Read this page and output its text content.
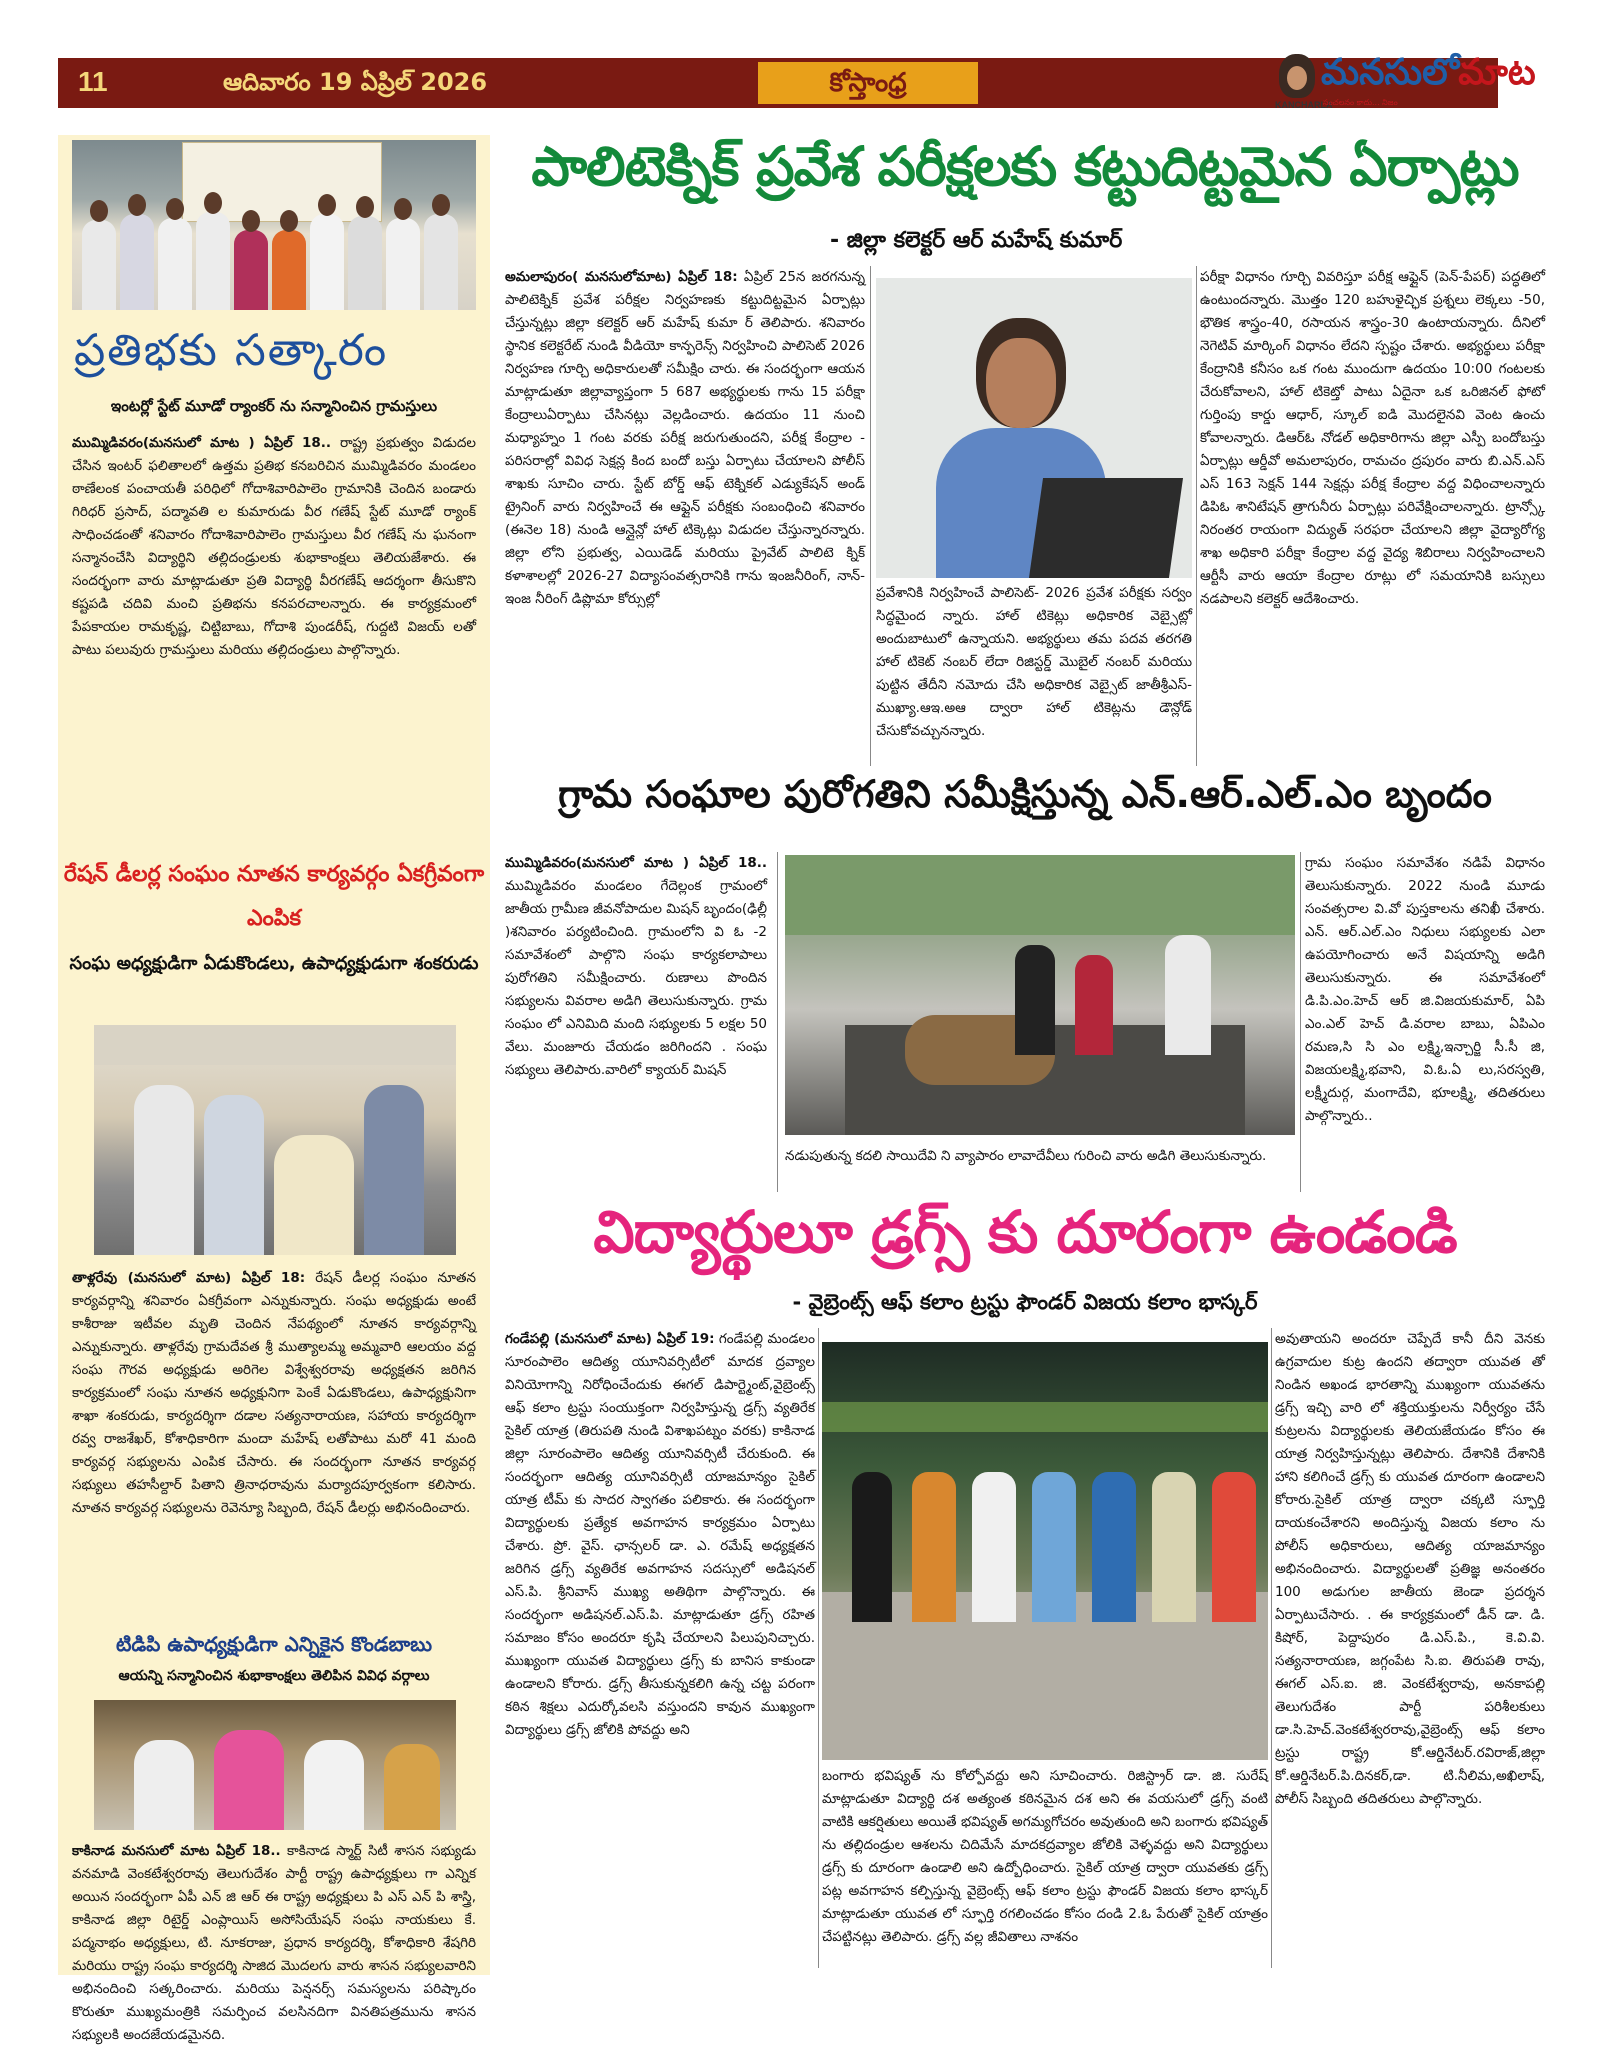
11	ఆదివారం 19 ఏప్రిల్ 2026	కోస్తాంధ్ర
KANCHARLA
మనసులోమాట
సంచలనం కాదు... నిజం
ప్రతిభకు సత్కారం
ఇంటర్లో స్టేట్ మూడో ర్యాంకర్ ను సన్మానించిన గ్రామస్తులు
ముమ్మిడివరం(మనసులో మాట ) ఏప్రిల్ 18.. రాష్ట్ర ప్రభుత్వం విడుదల చేసిన ఇంటర్ ఫలితాలలో ఉత్తమ ప్రతిభ కనబరిచిన ముమ్మిడివరం మండలం ఠాణేలంక పంచాయతీ పరిధిలో గోదాశివారిపాలెం గ్రామానికి చెందిన బండారు గిరిధర్ ప్రసాద్, పద్మావతి ల కుమారుడు వీర గణేష్ స్టేట్ మూడో ర్యాంక్ సాధించడంతో శనివారం గోదాశివారిపాలెం గ్రామస్తులు వీర గణేష్ ను ఘనంగా సన్మానంచేసి విద్యార్థిని తల్లిదండ్రులకు శుభాకాంక్షలు తెలియజేశారు. ఈ సందర్భంగా వారు మాట్లాడుతూ ప్రతి విద్యార్థి వీరగణేష్ ఆదర్శంగా తీసుకొని కష్టపడి చదివి మంచి ప్రతిభను కనపరచాలన్నారు. ఈ కార్యక్రమంలో పేపకాయల రామకృష్ణ, చిట్టిబాబు, గోదాశి పుండరీష్, గుద్దటి విజయ్ లతో పాటు పలువురు గ్రామస్తులు మరియు తల్లిదండ్రులు పాల్గొన్నారు.
రేషన్ డీలర్ల సంఘం నూతన కార్యవర్గం ఏకగ్రీవంగా ఎంపిక
సంఘ అధ్యక్షుడిగా ఏడుకొండలు, ఉపాధ్యక్షుడుగా శంకరుడు
తాళ్లరేవు (మనసులో మాట) ఏప్రిల్ 18: రేషన్ డీలర్ల సంఘం నూతన కార్యవర్గాన్ని శనివారం ఏకగ్రీవంగా ఎన్నుకున్నారు. సంఘ అధ్యక్షుడు అంటే కాశీరాజు ఇటీవల మృతి చెందిన నేపథ్యంలో నూతన కార్యవర్గాన్ని ఎన్నుకున్నారు. తాళ్లరేవు గ్రామదేవత శ్రీ ముత్యాలమ్మ అమ్మవారి ఆలయం వద్ద సంఘ గౌరవ అధ్యక్షుడు అరిగెల విశ్వేశ్వరరావు అధ్యక్షతన జరిగిన కార్యక్రమంలో సంఘ నూతన అధ్యక్షునిగా పెంకే ఏడుకొండలు, ఉపాధ్యక్షునిగా శాఖా శంకరుడు, కార్యదర్శిగా దడాల సత్యనారాయణ, సహాయ కార్యదర్శిగా రవ్వ రాజశేఖర్, కోశాధికారిగా మందా మహేష్ లతోపాటు మరో 41 మంది కార్యవర్గ సభ్యులను ఎంపిక చేసారు. ఈ సందర్భంగా నూతన కార్యవర్గ సభ్యులు తహసీల్దార్ పితాని త్రినాధరావును మర్యాదపూర్వకంగా కలిసారు. నూతన కార్యవర్గ సభ్యులను రెవెన్యూ సిబ్బంది, రేషన్ డీలర్లు అభినందించారు.
టిడిపి ఉపాధ్యక్షుడిగా ఎన్నికైన కొండబాబు
ఆయన్ని సన్మానించిన శుభాకాంక్షలు తెలిపిన వివిధ వర్గాలు
కాకినాడ మనసులో మాట ఏప్రిల్ 18.. కాకినాడ స్మార్ట్ సిటీ శాసన సభ్యుడు వనమాడి వెంకటేశ్వరరావు తెలుగుదేశం పార్టీ రాష్ట్ర ఉపాధ్యక్షులు గా ఎన్నిక అయిన సందర్భంగా ఏపీ ఎన్ జి ఆర్ ఈ రాష్ట్ర అధ్యక్షులు పి ఎస్ ఎన్ పి శాస్త్రి, కాకినాడ జిల్లా రిటైర్డ్ ఎంప్లాయిస్ అసోసియేషన్ సంఘ నాయకులు కే. పద్మనాభం అధ్యక్షులు, టి. నూకరాజు, ప్రధాన కార్యదర్శి, కోశాధికారి శేషగిరి మరియు రాష్ట్ర సంఘ కార్యదర్శి సాజిద మొదలగు వారు శాసన సభ్యులవారిని అభినందించి సత్కరించారు. మరియు పెన్షనర్స్ సమస్యలను పరిష్కారం కొరుతూ ముఖ్యమంత్రికి సమర్పించ వలసినదిగా వినతిపత్రమును శాసన సభ్యులకి అందజేయడమైనది.
పాలిటెక్నిక్ ప్రవేశ పరీక్షలకు కట్టుదిట్టమైన ఏర్పాట్లు
- జిల్లా కలెక్టర్ ఆర్ మహేష్ కుమార్
అమలాపురం( మనసులోమాట) ఏప్రిల్ 18: ఏప్రిల్ 25న జరగనున్న పాలిటెక్నిక్ ప్రవేశ పరీక్షల నిర్వహణకు కట్టుదిట్టమైన ఏర్పాట్లు చేస్తున్నట్లు జిల్లా కలెక్టర్ ఆర్ మహేష్ కుమా ర్ తెలిపారు. శనివారం స్థానిక కలెక్టరేట్ నుండి వీడియో కాన్ఫరెన్స్ నిర్వహించి పాలిసెట్ 2026 నిర్వహణ గూర్చి అధికారులతో సమీక్షిం చారు. ఈ సందర్భంగా ఆయన మాట్లాడుతూ జిల్లావ్యాప్తంగా 5 687 అభ్యర్థులకు గాను 15 పరీక్షా కేంద్రాలుఏర్పాటు చేసినట్లు వెల్లడించారు. ఉదయం 11 నుంచి మధ్యాహ్నం 1 గంట వరకు పరీక్ష జరుగుతుందని, పరీక్ష కేంద్రాల - పరిసరాల్లో వివిధ సెక్షన్ల కింద బందో బస్తు ఏర్పాటు చేయాలని పోలీస్ శాఖకు సూచిం చారు. స్టేట్ బోర్డ్ ఆఫ్ టెక్నికల్ ఎడ్యుకేషన్ అండ్ ట్రైనింగ్ వారు నిర్వహించే ఈ ఆఫ్లైన్ పరీక్షకు సంబంధించి శనివారం (ఈనెల 18) నుండి ఆన్లైన్లో హాల్ టిక్కెట్లు విడుదల చేస్తున్నారన్నారు. జిల్లా లోని ప్రభుత్వ, ఎయిడెడ్ మరియు ప్రైవేట్ పాలిటె క్నిక్ కళాశాలల్లో 2026-27 విద్యాసంవత్సరానికి గాను ఇంజనీరింగ్, నాన్- ఇంజ నీరింగ్ డిప్లొమా కోర్సుల్లో	ప్రవేశానికి నిర్వహించే పాలిసెట్- 2026 ప్రవేశ పరీక్షకు సర్వం సిద్ధమైంద న్నారు. హాల్ టికెట్లు అధికారిక వెబ్సైట్లో అందుబాటులో ఉన్నాయని. అభ్యర్థులు తమ పదవ తరగతి హాల్ టికెట్ నంబర్ లేదా రిజిస్టర్డ్ మొబైల్ నంబర్ మరియు పుట్టిన తేదీని నమోదు చేసి అధికారిక వెబ్సైట్ జాతీశ్రీఎస్- ముఖ్యా.ఆఇ.అఆ ద్వారా హాల్ టికెట్లను డౌన్లోడ్ చేసుకోవచ్చునన్నారు.
పరీక్షా విధానం గూర్చి వివరిస్తూ పరీక్ష ఆఫ్లైన్ (పెన్-పేపర్) పద్ధతిలో ఉంటుందన్నారు. మొత్తం 120 బహుళైచ్ఛిక ప్రశ్నలు లెక్కలు -50, భౌతిక శాస్త్రం-40, రసాయన శాస్త్రం-30 ఉంటాయన్నారు. దీనిలో నెగెటివ్ మార్కింగ్ విధానం లేదని స్పష్టం చేశారు. అభ్యర్థులు పరీక్షా కేంద్రానికి కనీసం ఒక గంట ముందుగా ఉదయం 10:00 గంటలకు చేరుకోవాలని, హాల్ టికెట్తో పాటు ఏదైనా ఒక ఒరిజినల్ ఫోటో గుర్తింపు కార్డు ఆధార్, స్కూల్ ఐడి మొదలైనవి వెంట ఉంచు కోవాలన్నారు. డిఆర్ఓ నోడల్ అధికారిగాను జిల్లా ఎస్పీ బందోబస్తు ఏర్పాట్లు ఆర్డీవో అమలాపురం, రామచం ద్రపురం వారు బి.ఎన్.ఎస్ ఎస్ 163 సెక్షన్ 144 సెక్షన్లు పరీక్ష కేంద్రాల వద్ద విధించాలన్నారు డిపిఓ శానిటేషన్ త్రాగునీరు ఏర్పాట్లు పరివేక్షించాలన్నారు. ట్రాన్స్కో నిరంతర రాయంగా విద్యుత్ సరఫరా చేయాలని జిల్లా వైద్యారోగ్య శాఖ అధికారి పరీక్షా కేంద్రాల వద్ద వైద్య శిబిరాలు నిర్వహించాలని ఆర్టీసీ వారు ఆయా కేంద్రాల రూట్లు లో సమయానికి బస్సులు నడపాలని కలెక్టర్ ఆదేశించారు.
గ్రామ సంఘాల పురోగతిని సమీక్షిస్తున్న ఎన్.ఆర్.ఎల్.ఎం బృందం
ముమ్మిడివరం(మనసులో మాట ) ఏప్రిల్ 18.. ముమ్మిడివరం మండలం గేదెల్లంక గ్రామంలో జాతీయ గ్రామీణ జీవనోపాదుల మిషన్ బృందం(ఢిల్లీ )శనివారం పర్యటించింది. గ్రామంలోని వి ఓ -2 సమావేశంలో పాల్గొని సంఘ కార్యకలాపాలు పురోగతిని సమీక్షించారు. రుణాలు పొందిన సభ్యులను వివరాల అడిగి తెలుసుకున్నారు. గ్రామ సంఘం లో ఎనిమిది మంది సభ్యులకు 5 లక్షల 50 వేలు. మంజూరు చేయడం జరిగిందని . సంఘ సభ్యులు తెలిపారు.వారిలో క్యాయర్ మిషన్
నడుపుతున్న కదలి సాయిదేవి ని వ్యాపారం లావాదేవీలు గురించి వారు అడిగి తెలుసుకున్నారు.
గ్రామ సంఘం సమావేశం నడిపే విధానం తెలుసుకున్నారు. 2022 నుండి మూడు సంవత్సరాల వి.వో పుస్తకాలను తనిఖీ చేశారు. ఎన్. ఆర్.ఎల్.ఎం నిధులు సభ్యులకు ఎలా ఉపయోగించారు అనే విషయాన్ని అడిగి తెలుసుకున్నారు. ఈ సమావేశంలో డి.పి.ఎం.హెచ్ ఆర్ జి.విజయకుమార్, ఏపి ఎం.ఎల్ హెచ్ డి.వరాల బాబు, ఏపిఎం రమణ,సి సి ఎం లక్ష్మి,ఇన్చార్జి సీ.సీ జి, విజయలక్ష్మి,భవాని, వి.ఓ.ఏ లు,సరస్వతి, లక్ష్మీదుర్గ, మంగాదేవి, భూలక్ష్మి, తదితరులు పాల్గొన్నారు..
విద్యార్థులూ డ్రగ్స్ కు దూరంగా ఉండండి
- వైబ్రెంట్స్ ఆఫ్ కలాం ట్రస్టు ఫౌండర్ విజయ కలాం భాస్కర్
గండేపల్లి (మనసులో మాట) ఏప్రిల్ 19: గండేపల్లి మండలం సూరంపాలెం ఆదిత్య యూనివర్సిటీలో మాదక ద్రవ్యాల వినియోగాన్ని నిరోధించేందుకు ఈగల్ డిపార్ట్మెంట్,వైబ్రెంట్స్ ఆఫ్ కలాం ట్రస్టు సంయుక్తంగా నిర్వహిస్తున్న డ్రగ్స్ వ్యతిరేక సైకిల్ యాత్ర (తిరుపతి నుండి విశాఖపట్నం వరకు) కాకినాడ జిల్లా సూరంపాలెం ఆదిత్య యూనివర్సిటీ చేరుకుంది. ఈ సందర్భంగా ఆదిత్య యూనివర్సిటీ యాజమాన్యం సైకిల్ యాత్ర టీమ్ కు సాదర స్వాగతం పలికారు. ఈ సందర్భంగా విద్యార్థులకు ప్రత్యేక అవగాహన కార్యక్రమం ఏర్పాటు చేశారు. ప్రో. వైస్. ఛాన్సలర్ డా. ఎ. రమేష్ అధ్యక్షతన జరిగిన డ్రగ్స్ వ్యతిరేక అవగాహన సదస్సులో అడిషనల్ ఎస్.పి. శ్రీనివాస్ ముఖ్య అతిథిగా పాల్గొన్నారు. ఈ సందర్భంగా అడిషనల్.ఎస్.పి. మాట్లాడుతూ డ్రగ్స్ రహిత సమాజం కోసం అందరూ కృషి చేయాలని పిలుపునిచ్చారు. ముఖ్యంగా యువత విద్యార్థులు డ్రగ్స్ కు బానిస కాకుండా ఉండాలని కోరారు. డ్రగ్స్ తీసుకున్నకలిగి ఉన్న చట్ట పరంగా కఠిన శిక్షలు ఎదుర్కోవలసి వస్తుందని కావున ముఖ్యంగా విద్యార్థులు డ్రగ్స్ జోలికి పోవద్దు అని
బంగారు భవిష్యత్ ను కోల్పోవద్దు అని సూచించారు. రిజిస్ట్రార్ డా. జి. సురేష్ మాట్లాడుతూ విద్యార్థి దశ అత్యంత కఠినమైన దశ అని ఈ వయసులో డ్రగ్స్ వంటి వాటికి ఆకర్షితులు అయితే భవిష్యత్ అగమ్యగోచరం అవుతుంది అని బంగారు భవిష్యత్ ను తల్లిదండ్రుల ఆశలను చిదిమేసే మాదకద్రవ్యాల జోలికి వెళ్ళవద్దు అని విద్యార్థులు డ్రగ్స్ కు దూరంగా ఉండాలి అని ఉద్బోధించారు. సైకిల్ యాత్ర ద్వారా యువతకు డ్రగ్స్ పట్ల అవగాహన కల్పిస్తున్న వైబ్రెంట్స్ ఆఫ్ కలాం ట్రస్టు ఫౌండర్ విజయ కలాం భాస్కర్ మాట్లాడుతూ యువత లో స్ఫూర్తి రగలించడం కోసం దండి 2.ఓ పేరుతో సైకిల్ యాత్రం చేపట్టినట్లు తెలిపారు. డ్రగ్స్ వల్ల జీవితాలు నాశనం
అవుతాయని అందరూ చెప్పేదే కానీ దీని వెనకు ఉగ్రవాదుల కుట్ర ఉందని తద్వారా యువత తో నిండిన అఖండ భారతాన్ని ముఖ్యంగా యువతను డ్రగ్స్ ఇచ్చి వారి లో శక్తియుక్తులను నిర్వీర్యం చేసే కుట్రలను విద్యార్థులకు తెలియజేయడం కోసం ఈ యాత్ర నిర్వహిస్తున్నట్లు తెలిపారు. దేశానికి దేశానికి హాని కలిగించే డ్రగ్స్ కు యువత దూరంగా ఉండాలని కోరారు.సైకిల్ యాత్ర ద్వారా చక్కటి స్ఫూర్తి దాయకంచేశారని అందిస్తున్న విజయ కలాం ను పోలీస్ అధికారులు, ఆదిత్య యాజమాన్యం అభినందించారు. విద్యార్థులతో ప్రతిజ్ఞ అనంతరం 100 అడుగుల జాతీయ జెండా ప్రదర్శన ఏర్పాటుచేసారు. . ఈ కార్యక్రమంలో డీన్ డా. డి. కిషోర్, పెద్దాపురం డి.ఎస్.పి., కె.వి.వి. సత్యనారాయణ, జగ్గంపేట సి.ఐ. తిరుపతి రావు, ఈగల్ ఎస్.ఐ. జి. వెంకటేశ్వరావు, అనకాపల్లి తెలుగుదేశం పార్టీ పరిశీలకులు డా.సి.హెచ్.వెంకటేశ్వరరావు,వైబ్రెంట్స్ ఆఫ్ కలాం ట్రస్టు రాష్ట్ర కో.ఆర్డినేటర్.రవిరాజ్,జిల్లా కో.ఆర్డినేటర్.పి.దినకర్,డా. టి.నీలిమ,అఖిలాష్, పోలీస్ సిబ్బంది తదితరులు పాల్గొన్నారు.
